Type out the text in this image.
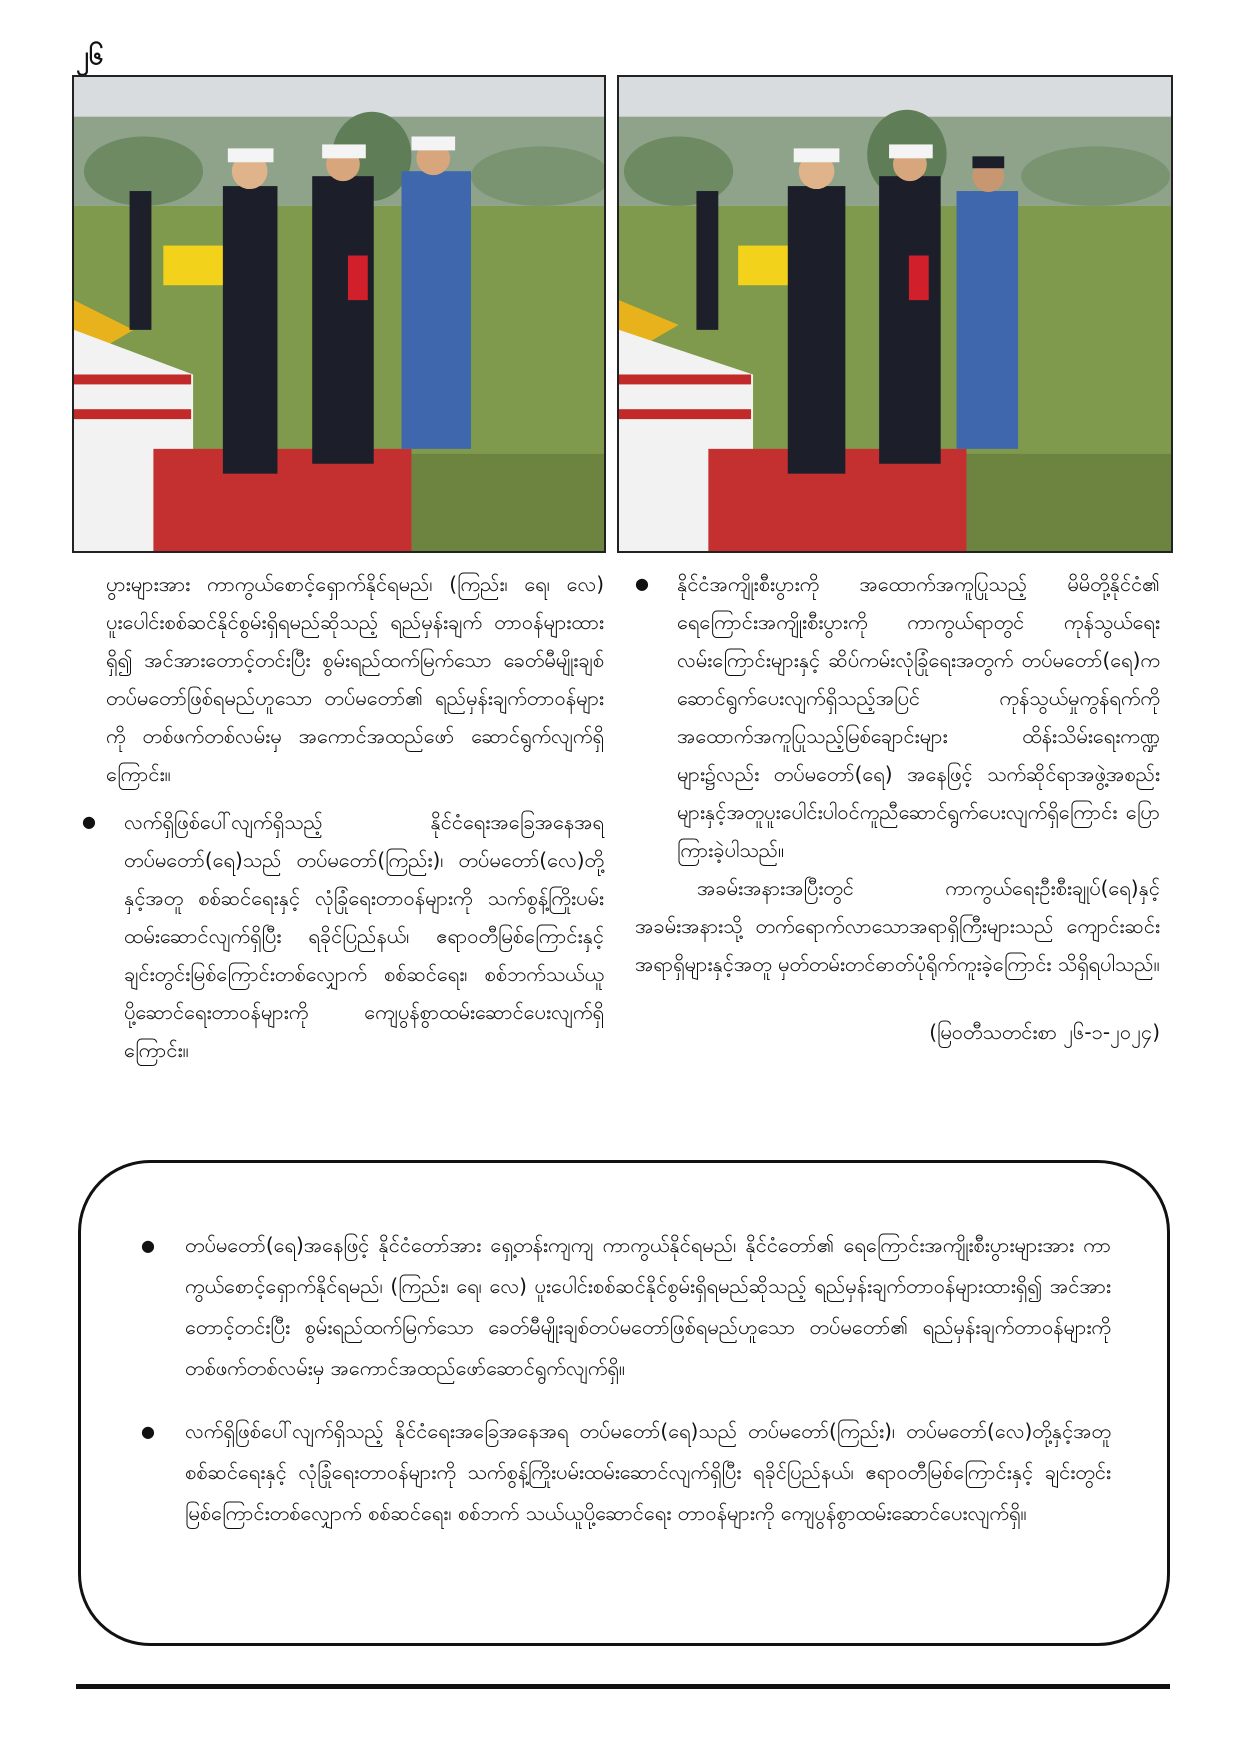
၂၆

ပွားများအား ကာကွယ်စောင့်ရှောက်နိုင်ရမည်၊ (ကြည်း၊ ရေ၊ လေ) ပူးပေါင်းစစ်ဆင်နိုင်စွမ်းရှိရမည်ဆိုသည့် ရည်မှန်းချက် တာဝန်များထားရှိ၍ အင်အားတောင့်တင်းပြီး စွမ်းရည်ထက်မြက်သော ခေတ်မီမျိုးချစ်တပ်မတော်ဖြစ်ရမည်ဟူသော တပ်မတော်၏ ရည်မှန်းချက်တာဝန်များကို တစ်ဖက်တစ်လမ်းမှ အကောင်အထည်ဖော် ဆောင်ရွက်လျက်ရှိကြောင်း။

● လက်ရှိဖြစ်ပေါ်လျက်ရှိသည့် နိုင်ငံရေးအခြေအနေအရ တပ်မတော်(ရေ)သည် တပ်မတော်(ကြည်း)၊ တပ်မတော်(လေ)တို့နှင့်အတူ စစ်ဆင်ရေးနှင့် လုံခြုံရေးတာဝန်များကို သက်စွန့်ကြိုးပမ်းထမ်းဆောင်လျက်ရှိပြီး ရခိုင်ပြည်နယ်၊ ဧရာဝတီမြစ်ကြောင်းနှင့် ချင်းတွင်းမြစ်ကြောင်းတစ်လျှောက် စစ်ဆင်ရေး၊ စစ်ဘက်သယ်ယူပို့ဆောင်ရေးတာဝန်များကို ကျေပွန်စွာထမ်းဆောင်ပေးလျက်ရှိကြောင်း။

● နိုင်ငံအကျိုးစီးပွားကို အထောက်အကူပြုသည့် မိမိတို့နိုင်ငံ၏ ရေကြောင်းအကျိုးစီးပွားကို ကာကွယ်ရာတွင် ကုန်သွယ်ရေးလမ်းကြောင်းများနှင့် ဆိပ်ကမ်းလုံခြုံရေးအတွက် တပ်မတော်(ရေ)က ဆောင်ရွက်ပေးလျက်ရှိသည့်အပြင် ကုန်သွယ်မှုကွန်ရက်ကို အထောက်အကူပြုသည့်မြစ်ချောင်းများ ထိန်းသိမ်းရေးကဏ္ဍများ၌လည်း တပ်မတော်(ရေ) အနေဖြင့် သက်ဆိုင်ရာအဖွဲ့အစည်းများနှင့်အတူပူးပေါင်းပါဝင်ကူညီဆောင်ရွက်ပေးလျက်ရှိကြောင်း ပြောကြားခဲ့ပါသည်။

အခမ်းအနားအပြီးတွင် ကာကွယ်ရေးဦးစီးချုပ်(ရေ)နှင့် အခမ်းအနားသို့ တက်ရောက်လာသောအရာရှိကြီးများသည် ကျောင်းဆင်းအရာရှိများနှင့်အတူ မှတ်တမ်းတင်ဓာတ်ပုံရိုက်ကူးခဲ့ကြောင်း သိရှိရပါသည်။

(မြဝတီသတင်းစာ ၂၆-၁-၂၀၂၄)

● တပ်မတော်(ရေ)အနေဖြင့် နိုင်ငံတော်အား ရှေ့တန်းကျကျ ကာကွယ်နိုင်ရမည်၊ နိုင်ငံတော်၏ ရေကြောင်းအကျိုးစီးပွားများအား ကာကွယ်စောင့်ရှောက်နိုင်ရမည်၊ (ကြည်း၊ ရေ၊ လေ) ပူးပေါင်းစစ်ဆင်နိုင်စွမ်းရှိရမည်ဆိုသည့် ရည်မှန်းချက်တာဝန်များထားရှိ၍ အင်အားတောင့်တင်းပြီး စွမ်းရည်ထက်မြက်သော ခေတ်မီမျိုးချစ်တပ်မတော်ဖြစ်ရမည်ဟူသော တပ်မတော်၏ ရည်မှန်းချက်တာဝန်များကို တစ်ဖက်တစ်လမ်းမှ အကောင်အထည်ဖော်ဆောင်ရွက်လျက်ရှိ။

● လက်ရှိဖြစ်ပေါ်လျက်ရှိသည့် နိုင်ငံရေးအခြေအနေအရ တပ်မတော်(ရေ)သည် တပ်မတော်(ကြည်း)၊ တပ်မတော်(လေ)တို့နှင့်အတူ စစ်ဆင်ရေးနှင့် လုံခြုံရေးတာဝန်များကို သက်စွန့်ကြိုးပမ်းထမ်းဆောင်လျက်ရှိပြီး ရခိုင်ပြည်နယ်၊ ဧရာဝတီမြစ်ကြောင်းနှင့် ချင်းတွင်းမြစ်ကြောင်းတစ်လျှောက် စစ်ဆင်ရေး၊ စစ်ဘက် သယ်ယူပို့ဆောင်ရေး တာဝန်များကို ကျေပွန်စွာထမ်းဆောင်ပေးလျက်ရှိ။
